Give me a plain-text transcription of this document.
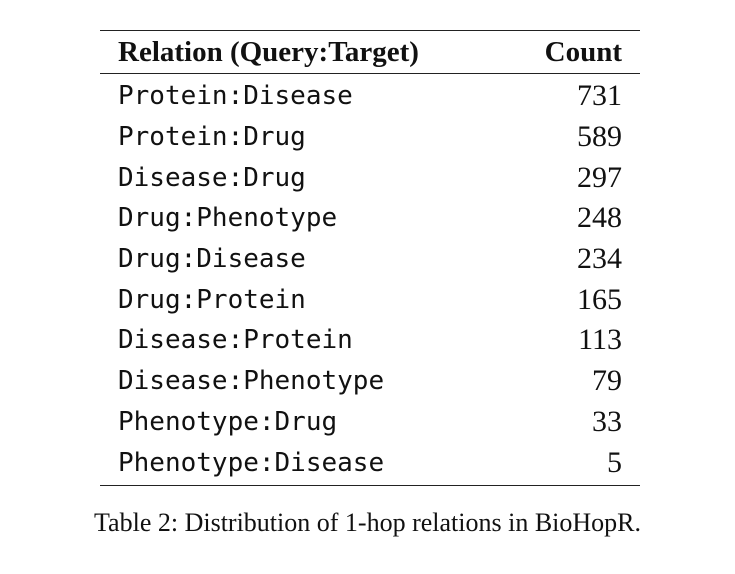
Relation (Query:Target)	Count
Protein:Disease	731
Protein:Drug	589
Disease:Drug	297
Drug:Phenotype	248
Drug:Disease	234
Drug:Protein	165
Disease:Protein	113
Disease:Phenotype	79
Phenotype:Drug	33
Phenotype:Disease	5
Table 2: Distribution of 1-hop relations in BioHopR.
